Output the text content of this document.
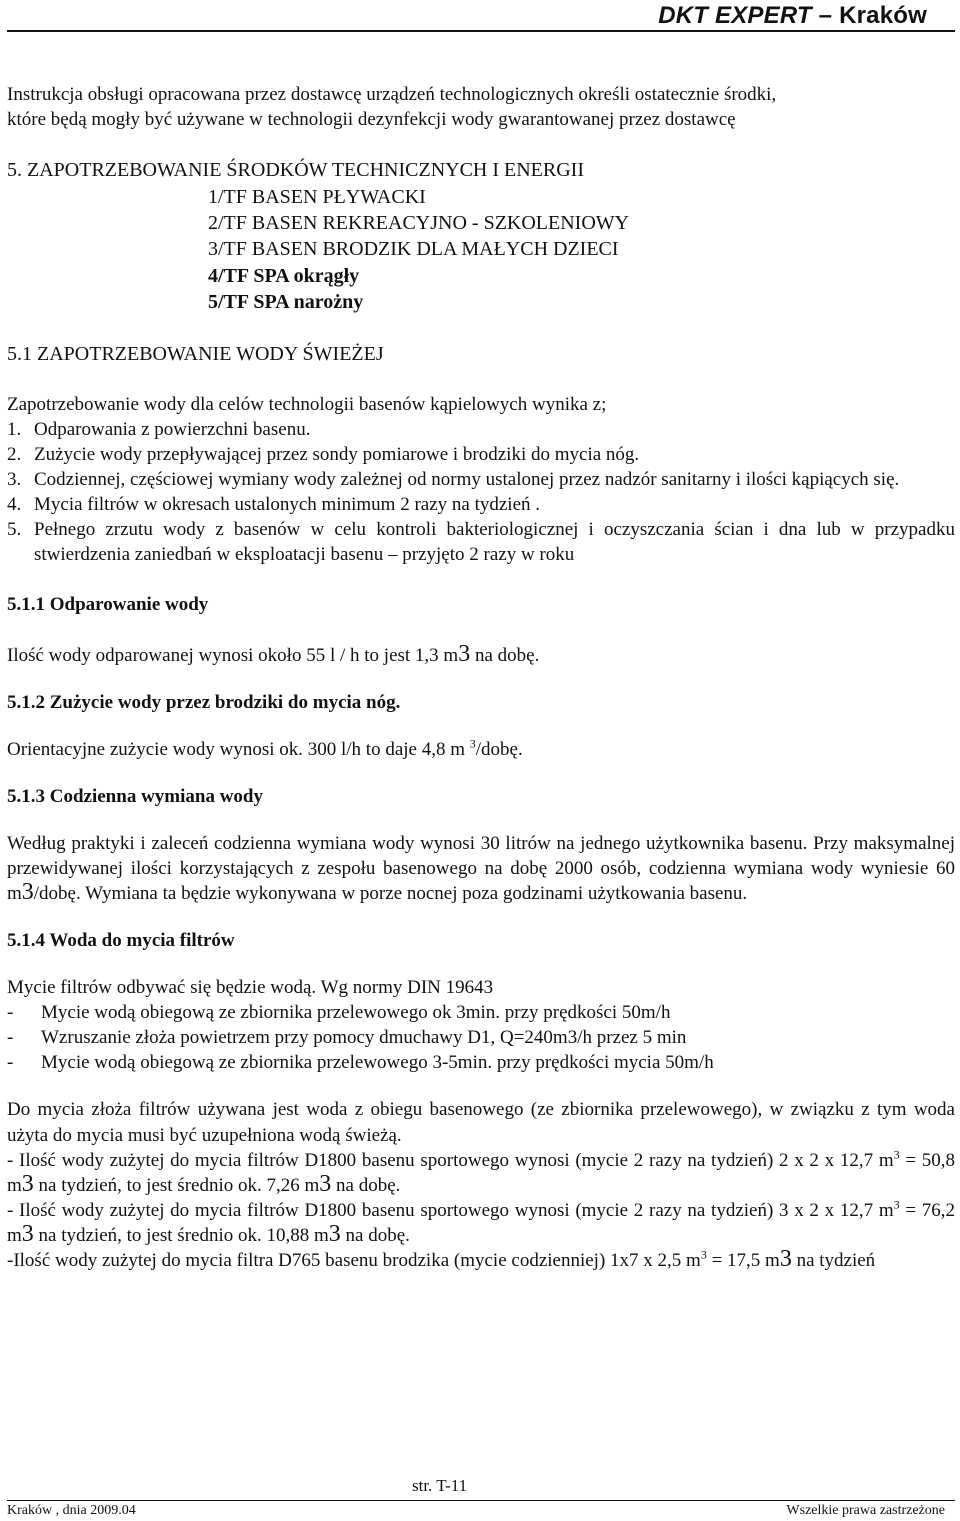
DKT EXPERT – Kraków

Instrukcja obsługi opracowana przez dostawcę urządzeń technologicznych określi ostatecznie środki,

które będą mogły być używane w technologii dezynfekcji wody gwarantowanej przez dostawcę

5. ZAPOTRZEBOWANIE ŚRODKÓW TECHNICZNYCH I ENERGII

1/TF BASEN PŁYWACKI
2/TF BASEN REKREACYJNO - SZKOLENIOWY
3/TF BASEN BRODZIK DLA MAŁYCH DZIECI
4/TF SPA okrągły
5/TF SPA narożny

5.1 ZAPOTRZEBOWANIE WODY ŚWIEŻEJ

Zapotrzebowanie wody dla celów technologii basenów kąpielowych wynika z;

1. Odparowania z powierzchni basenu.
2. Zużycie wody przepływającej przez sondy pomiarowe i brodziki do mycia nóg.
3. Codziennej, częściowej wymiany wody zależnej od normy ustalonej przez nadzór sanitarny i ilości kąpiących się.
4. Mycia filtrów w okresach ustalonych minimum 2 razy na tydzień .
5. Pełnego zrzutu wody z basenów w celu kontroli bakteriologicznej i oczyszczania ścian i dna lub w przypadku stwierdzenia zaniedbań w eksploatacji basenu – przyjęto 2 razy w roku

5.1.1 Odparowanie wody

Ilość wody odparowanej wynosi około 55 l / h to jest 1,3 m3 na dobę.

5.1.2 Zużycie wody przez brodziki do mycia nóg.

Orientacyjne zużycie wody wynosi ok. 300 l/h to daje 4,8 m $^3$/dobę.

5.1.3 Codzienna wymiana wody

Według praktyki i zaleceń codzienna wymiana wody wynosi 30 litrów na jednego użytkownika basenu. Przy maksymalnej przewidywanej ilości korzystających z zespołu basenowego na dobę 2000 osób, codzienna wymiana wody wyniesie 60 m3/dobę. Wymiana ta będzie wykonywana w porze nocnej poza godzinami użytkowania basenu.

5.1.4 Woda do mycia filtrów

Mycie filtrów odbywać się będzie wodą. Wg normy DIN 19643

-	Mycie wodą obiegową ze zbiornika przelewowego ok 3min. przy prędkości 50m/h
-	Wzruszanie złoża powietrzem przy pomocy dmuchawy D1, Q=240m3/h przez 5 min
-	Mycie wodą obiegową ze zbiornika przelewowego 3-5min. przy prędkości mycia 50m/h

Do mycia złoża filtrów używana jest woda z obiegu basenowego (ze zbiornika przelewowego), w związku z tym woda użyta do mycia musi być uzupełniona wodą świeżą.

- Ilość wody zużytej do mycia filtrów D1800 basenu sportowego wynosi (mycie 2 razy na tydzień) 2 x 2 x 12,7 $m^3 = 50,8$ m3 na tydzień, to jest średnio ok. 7,26 m3 na dobę.

- Ilość wody zużytej do mycia filtrów D1800 basenu sportowego wynosi (mycie 2 razy na tydzień) 3 x 2 x 12,7 $m^3 = 76,2$ m3 na tydzień, to jest średnio ok. 10,88 m3 na dobę.

-Ilość wody zużytej do mycia filtra D765 basenu brodzika (mycie codzienniej) 1x7 x 2,5 $m^3 = 17,5$ m3 na tydzień

str. T-11
Kraków , dnia 2009.04	Wszelkie prawa zastrzeżone
